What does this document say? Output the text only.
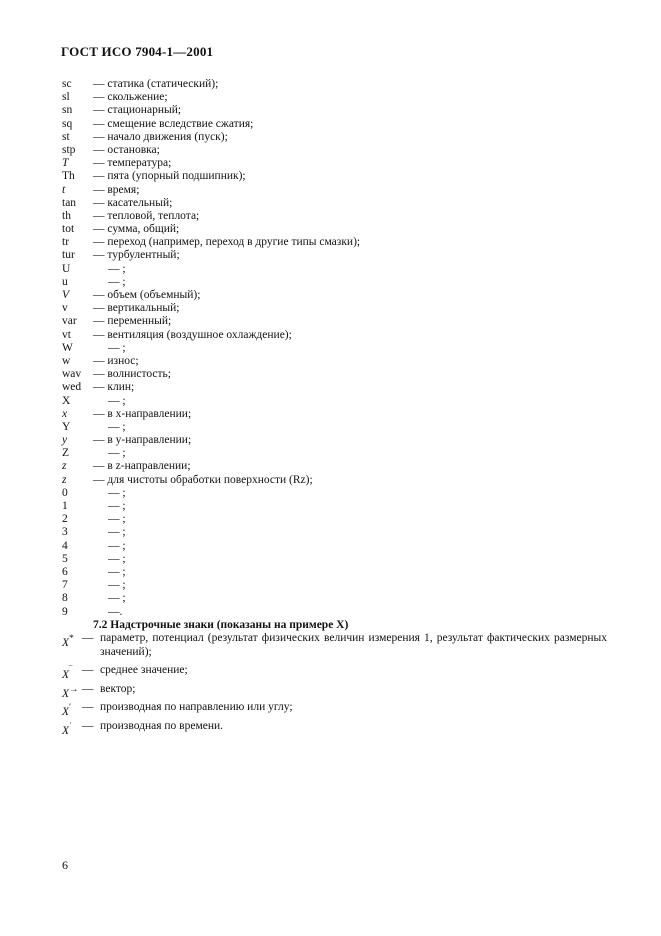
ГОСТ ИСО 7904-1—2001
sc — статика (статический);
sl — скольжение;
sn — стационарный;
sq — смещение вследствие сжатия;
st — начало движения (пуск);
stp — остановка;
T — температура;
Th — пята (упорный подшипник);
t — время;
tan — касательный;
th — тепловой, теплота;
tot — сумма, общий;
tr — переход (например, переход в другие типы смазки);
tur — турбулентный;
U	— ;
u	— ;
V — объем (объемный);
v — вертикальный;
var — переменный;
vt — вентиляция (воздушное охлаждение);
W	— ;
w — износ;
wav — волнистость;
wed — клин;
X	— ;
x — в x-направлении;
Y	— ;
y — в y-направлении;
Z	— ;
z — в z-направлении;
z — для чистоты обработки поверхности (Rz);
0	— ;
1	— ;
2	— ;
3	— ;
4	— ;
5	— ;
6	— ;
7	— ;
8	— ;
9	—.
7.2 Надстрочные знаки (показаны на примере X)
X* — параметр, потенциал (результат физических величин измерения 1, результат фактических размерных значений);
X‾ — среднее значение;
X→ — вектор;
X′ — производная по направлению или углу;
X˙ — производная по времени.
6
